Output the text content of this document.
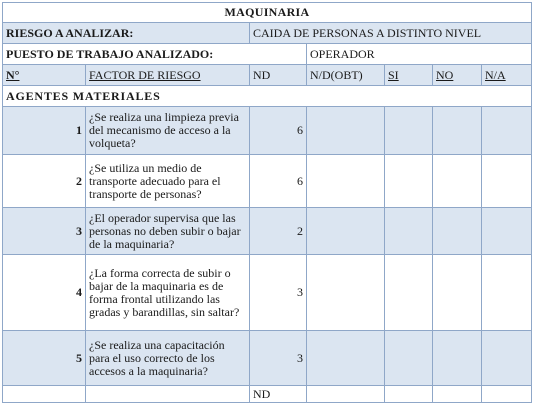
MAQUINARIA						
RIESGO A ANALIZAR:		CAIDA DE PERSONAS A DISTINTO NIVEL				
PUESTO DE TRABAJO ANALIZADO:			OPERADOR			
N°	FACTOR DE RIESGO	ND	N/D(OBT)	SI	NO	N/A
AGENTES MATERIALES						
1	¿Se realiza una limpieza previa del mecanismo de acceso a la volqueta?	6				
2	¿Se utiliza un medio de transporte adecuado para el transporte de personas?	6				
3	¿El operador supervisa que las personas no deben subir o bajar de la maquinaria?	2				
4	¿La forma correcta de subir o bajar de la maquinaria es de forma frontal utilizando las gradas y barandillas, sin saltar?	3				
5	¿Se realiza una capacitación para el uso correcto de los accesos a la maquinaria?	3				
		ND				
